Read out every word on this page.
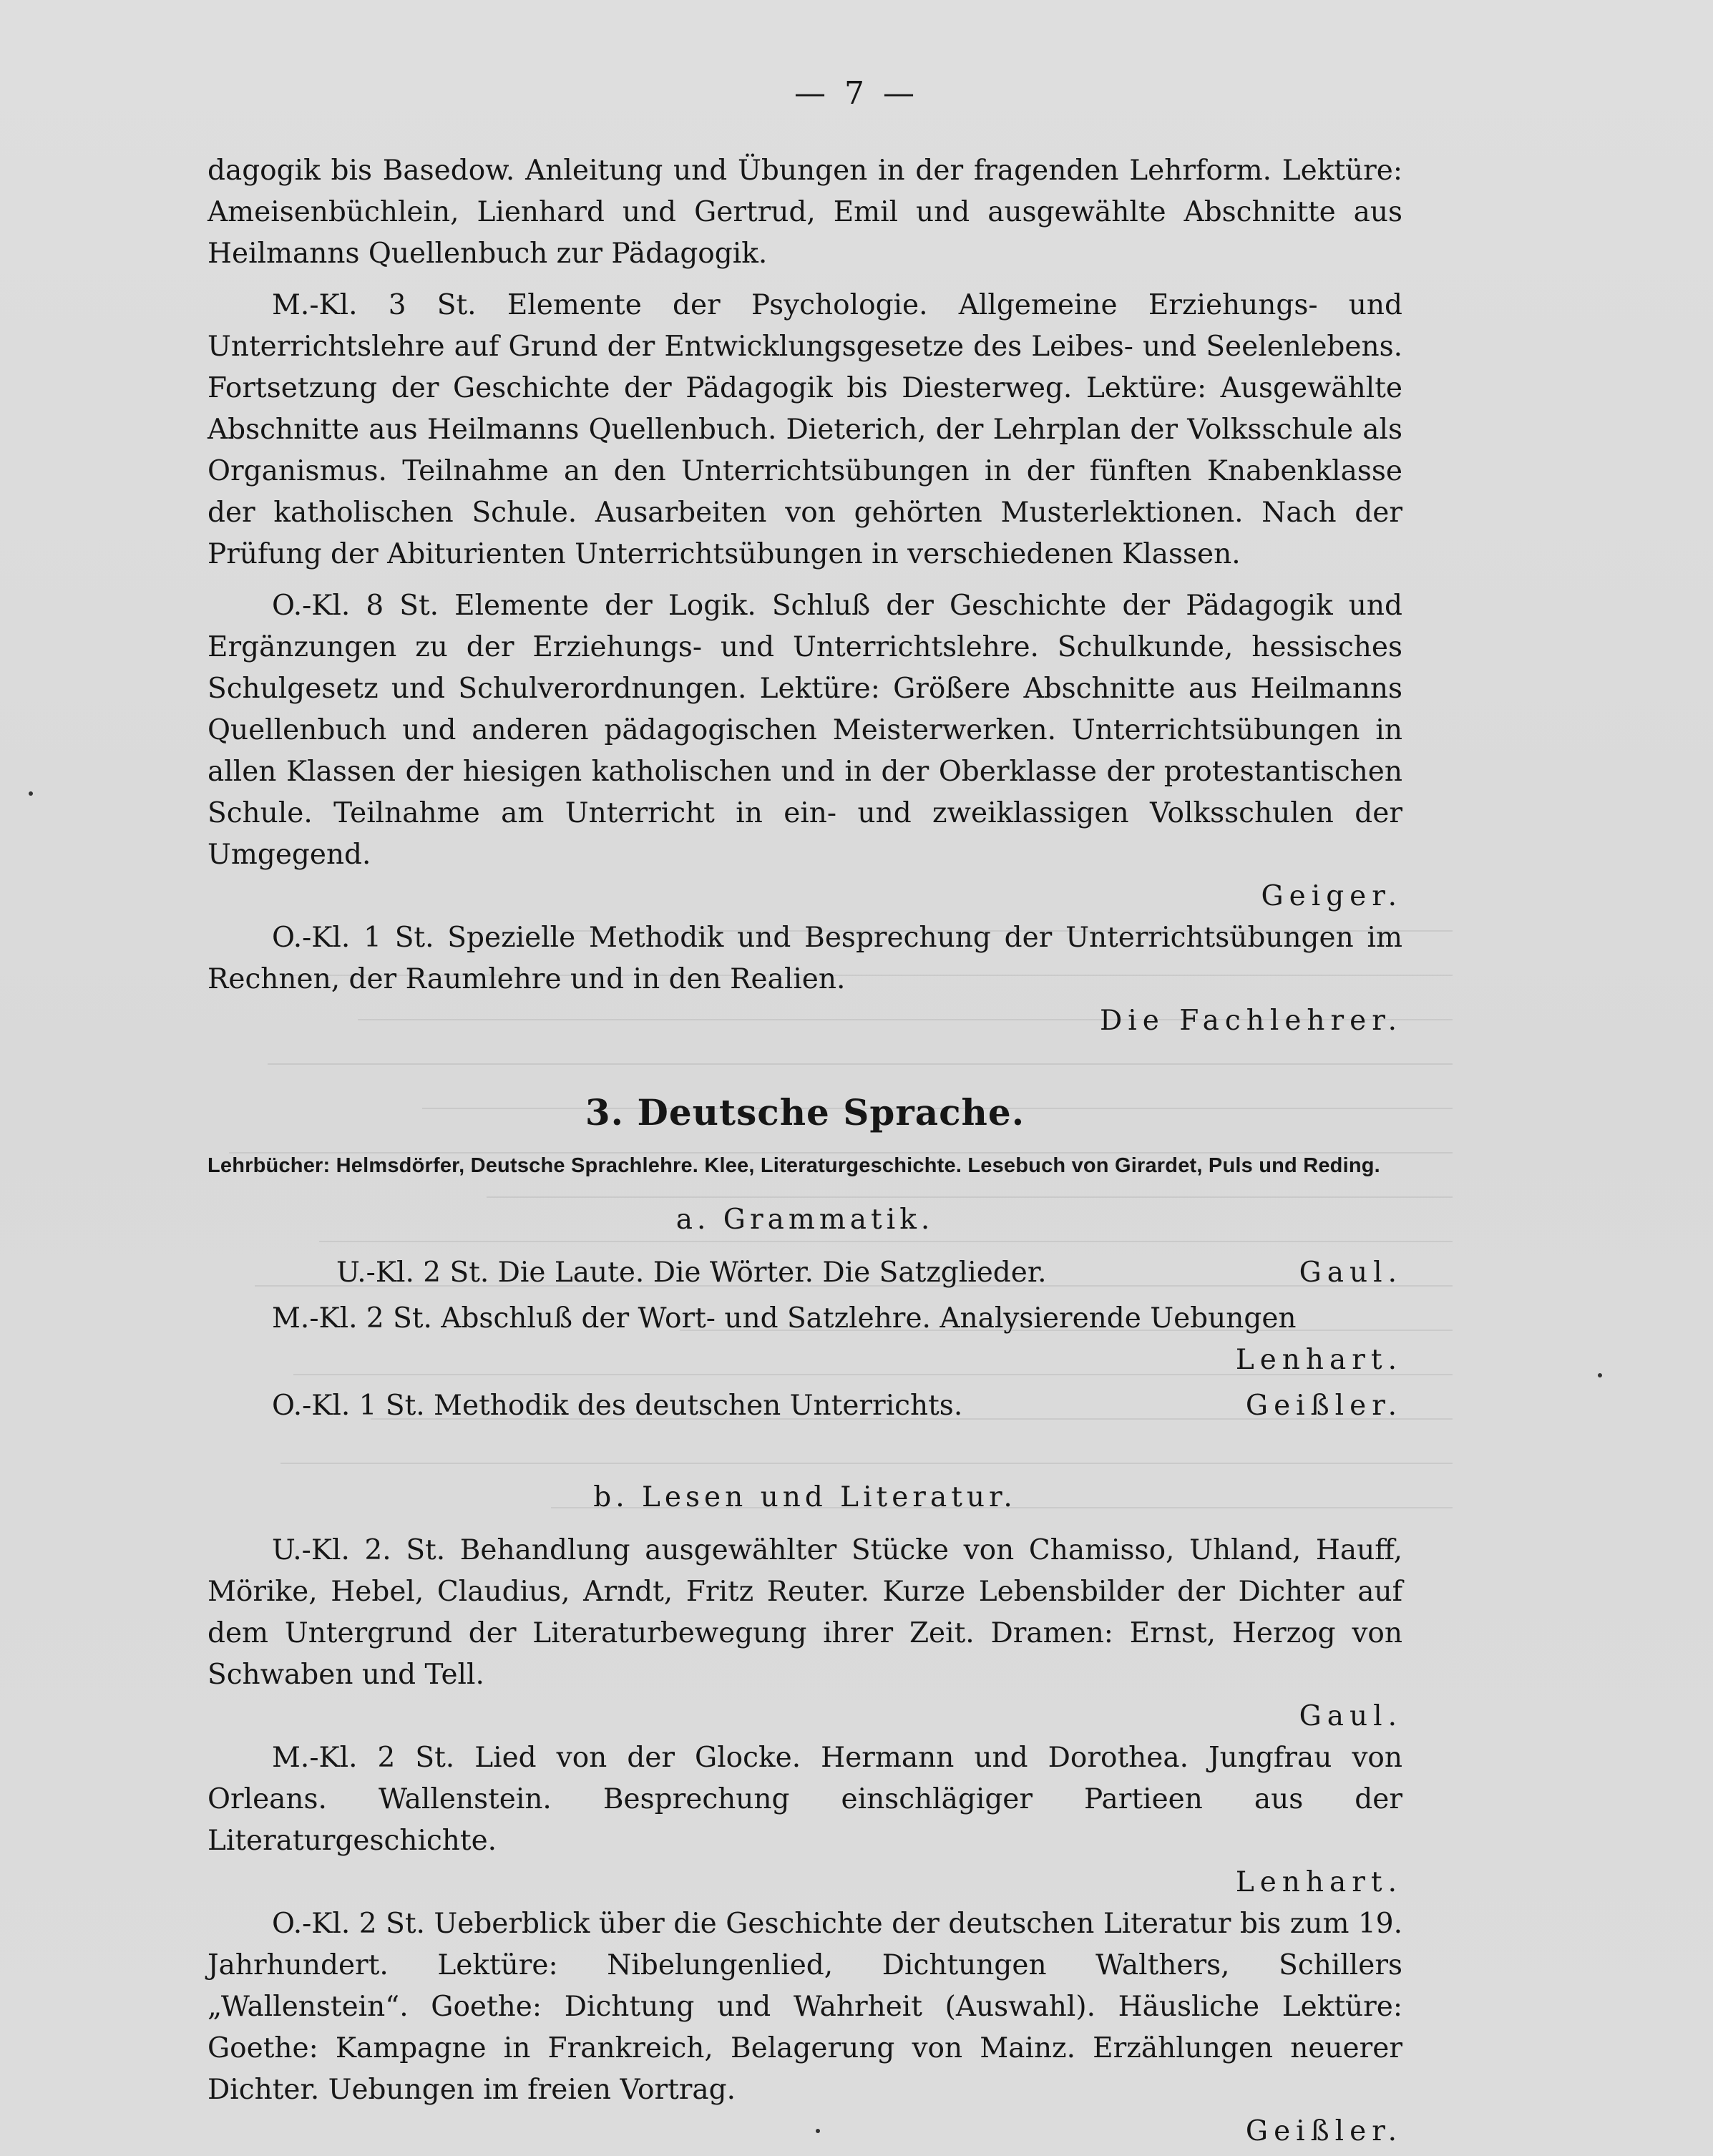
— 7 —

dagogik bis Basedow. Anleitung und Übungen in der fragenden Lehrform. Lektüre: Ameisenbüchlein, Lienhard und Gertrud, Emil und ausgewählte Abschnitte aus Heilmanns Quellenbuch zur Pädagogik.

M.-Kl. 3 St. Elemente der Psychologie. Allgemeine Erziehungs- und Unterrichtslehre auf Grund der Entwicklungsgesetze des Leibes- und Seelenlebens. Fortsetzung der Geschichte der Pädagogik bis Diesterweg. Lektüre: Ausgewählte Abschnitte aus Heilmanns Quellenbuch. Dieterich, der Lehrplan der Volksschule als Organismus. Teilnahme an den Unterrichtsübungen in der fünften Knabenklasse der katholischen Schule. Ausarbeiten von gehörten Musterlektionen. Nach der Prüfung der Abiturienten Unterrichtsübungen in verschiedenen Klassen.

O.-Kl. 8 St. Elemente der Logik. Schluß der Geschichte der Pädagogik und Ergänzungen zu der Erziehungs- und Unterrichtslehre. Schulkunde, hessisches Schulgesetz und Schulverordnungen. Lektüre: Größere Abschnitte aus Heilmanns Quellenbuch und anderen pädagogischen Meisterwerken. Unterrichtsübungen in allen Klassen der hiesigen katholischen und in der Oberklasse der protestantischen Schule. Teilnahme am Unterricht in ein- und zweiklassigen Volksschulen der Umgegend.

Geiger.

O.-Kl. 1 St. Spezielle Methodik und Besprechung der Unterrichtsübungen im Rechnen, der Raumlehre und in den Realien.

Die Fachlehrer.
3. Deutsche Sprache.
Lehrbücher: Helmsdörfer, Deutsche Sprachlehre. Klee, Literaturgeschichte. Lesebuch von Girardet, Puls und Reding.
a. Grammatik.
U.-Kl. 2 St. Die Laute. Die Wörter. Die Satzglieder.	Gaul.

M.-Kl. 2 St. Abschluß der Wort- und Satzlehre. Analysierende Uebungen

Lenhart.
O.-Kl. 1 St. Methodik des deutschen Unterrichts.	Geißler.
b. Lesen und Literatur.

U.-Kl. 2. St. Behandlung ausgewählter Stücke von Chamisso, Uhland, Hauff, Mörike, Hebel, Claudius, Arndt, Fritz Reuter. Kurze Lebensbilder der Dichter auf dem Untergrund der Literaturbewegung ihrer Zeit. Dramen: Ernst, Herzog von Schwaben und Tell.

Gaul.

M.-Kl. 2 St. Lied von der Glocke. Hermann und Dorothea. Jungfrau von Orleans. Wallenstein. Besprechung einschlägiger Partieen aus der Literaturgeschichte.

Lenhart.

O.-Kl. 2 St. Ueberblick über die Geschichte der deutschen Literatur bis zum 19. Jahrhundert. Lektüre: Nibelungenlied, Dichtungen Walthers, Schillers „Wallenstein“. Goethe: Dichtung und Wahrheit (Auswahl). Häusliche Lektüre: Goethe: Kampagne in Frankreich, Belagerung von Mainz. Erzählungen neuerer Dichter. Uebungen im freien Vortrag.

Geißler.
